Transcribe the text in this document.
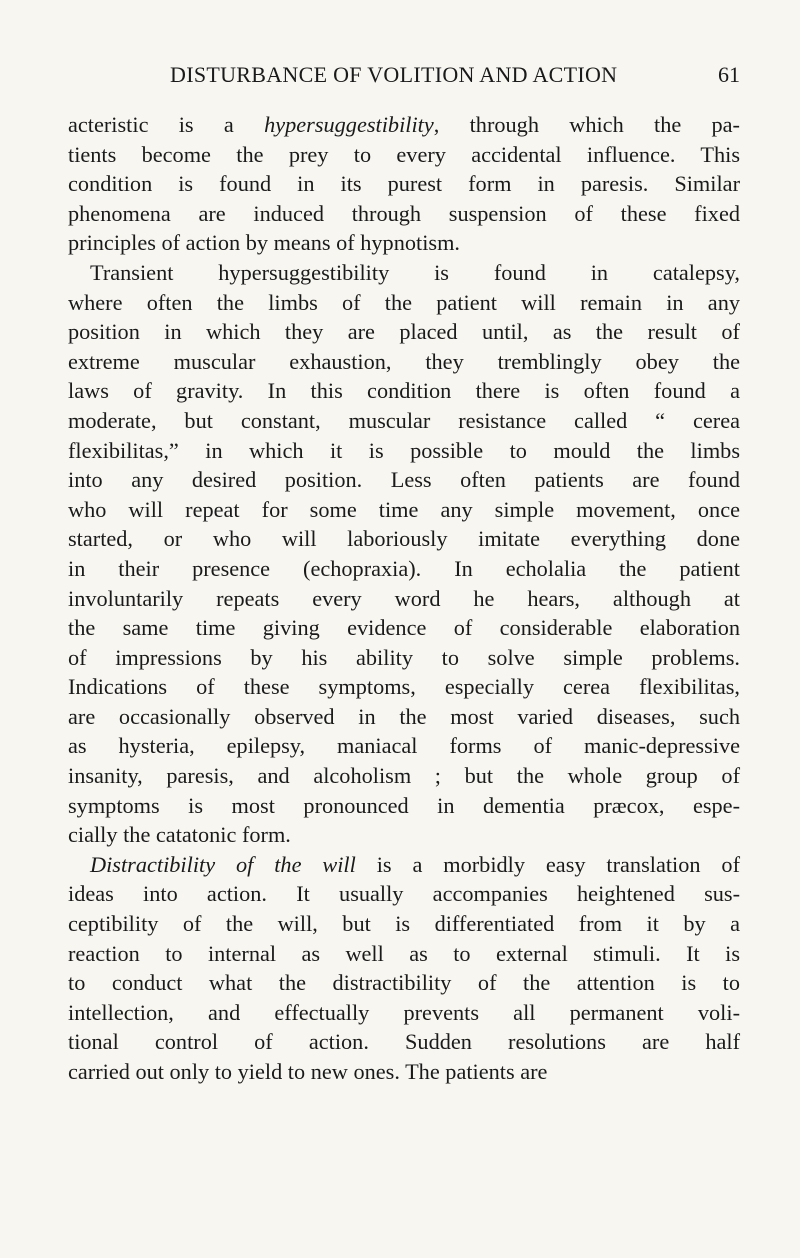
DISTURBANCE OF VOLITION AND ACTION	61
acteristic is a hypersuggestibility, through which the pa-
tients become the prey to every accidental influence. This
condition is found in its purest form in paresis. Similar
phenomena are induced through suspension of these fixed
principles of action by means of hypnotism.
Transient hypersuggestibility is found in catalepsy,
where often the limbs of the patient will remain in any
position in which they are placed until, as the result of
extreme muscular exhaustion, they tremblingly obey the
laws of gravity. In this condition there is often found a
moderate, but constant, muscular resistance called “ cerea
flexibilitas,” in which it is possible to mould the limbs
into any desired position. Less often patients are found
who will repeat for some time any simple movement, once
started, or who will laboriously imitate everything done
in their presence (echopraxia). In echolalia the patient
involuntarily repeats every word he hears, although at
the same time giving evidence of considerable elaboration
of impressions by his ability to solve simple problems.
Indications of these symptoms, especially cerea flexibilitas,
are occasionally observed in the most varied diseases, such
as hysteria, epilepsy, maniacal forms of manic-depressive
insanity, paresis, and alcoholism ; but the whole group of
symptoms is most pronounced in dementia præcox, espe-
cially the catatonic form.
Distractibility of the will is a morbidly easy translation of
ideas into action. It usually accompanies heightened sus-
ceptibility of the will, but is differentiated from it by a
reaction to internal as well as to external stimuli. It is
to conduct what the distractibility of the attention is to
intellection, and effectually prevents all permanent voli-
tional control of action. Sudden resolutions are half
carried out only to yield to new ones. The patients are
